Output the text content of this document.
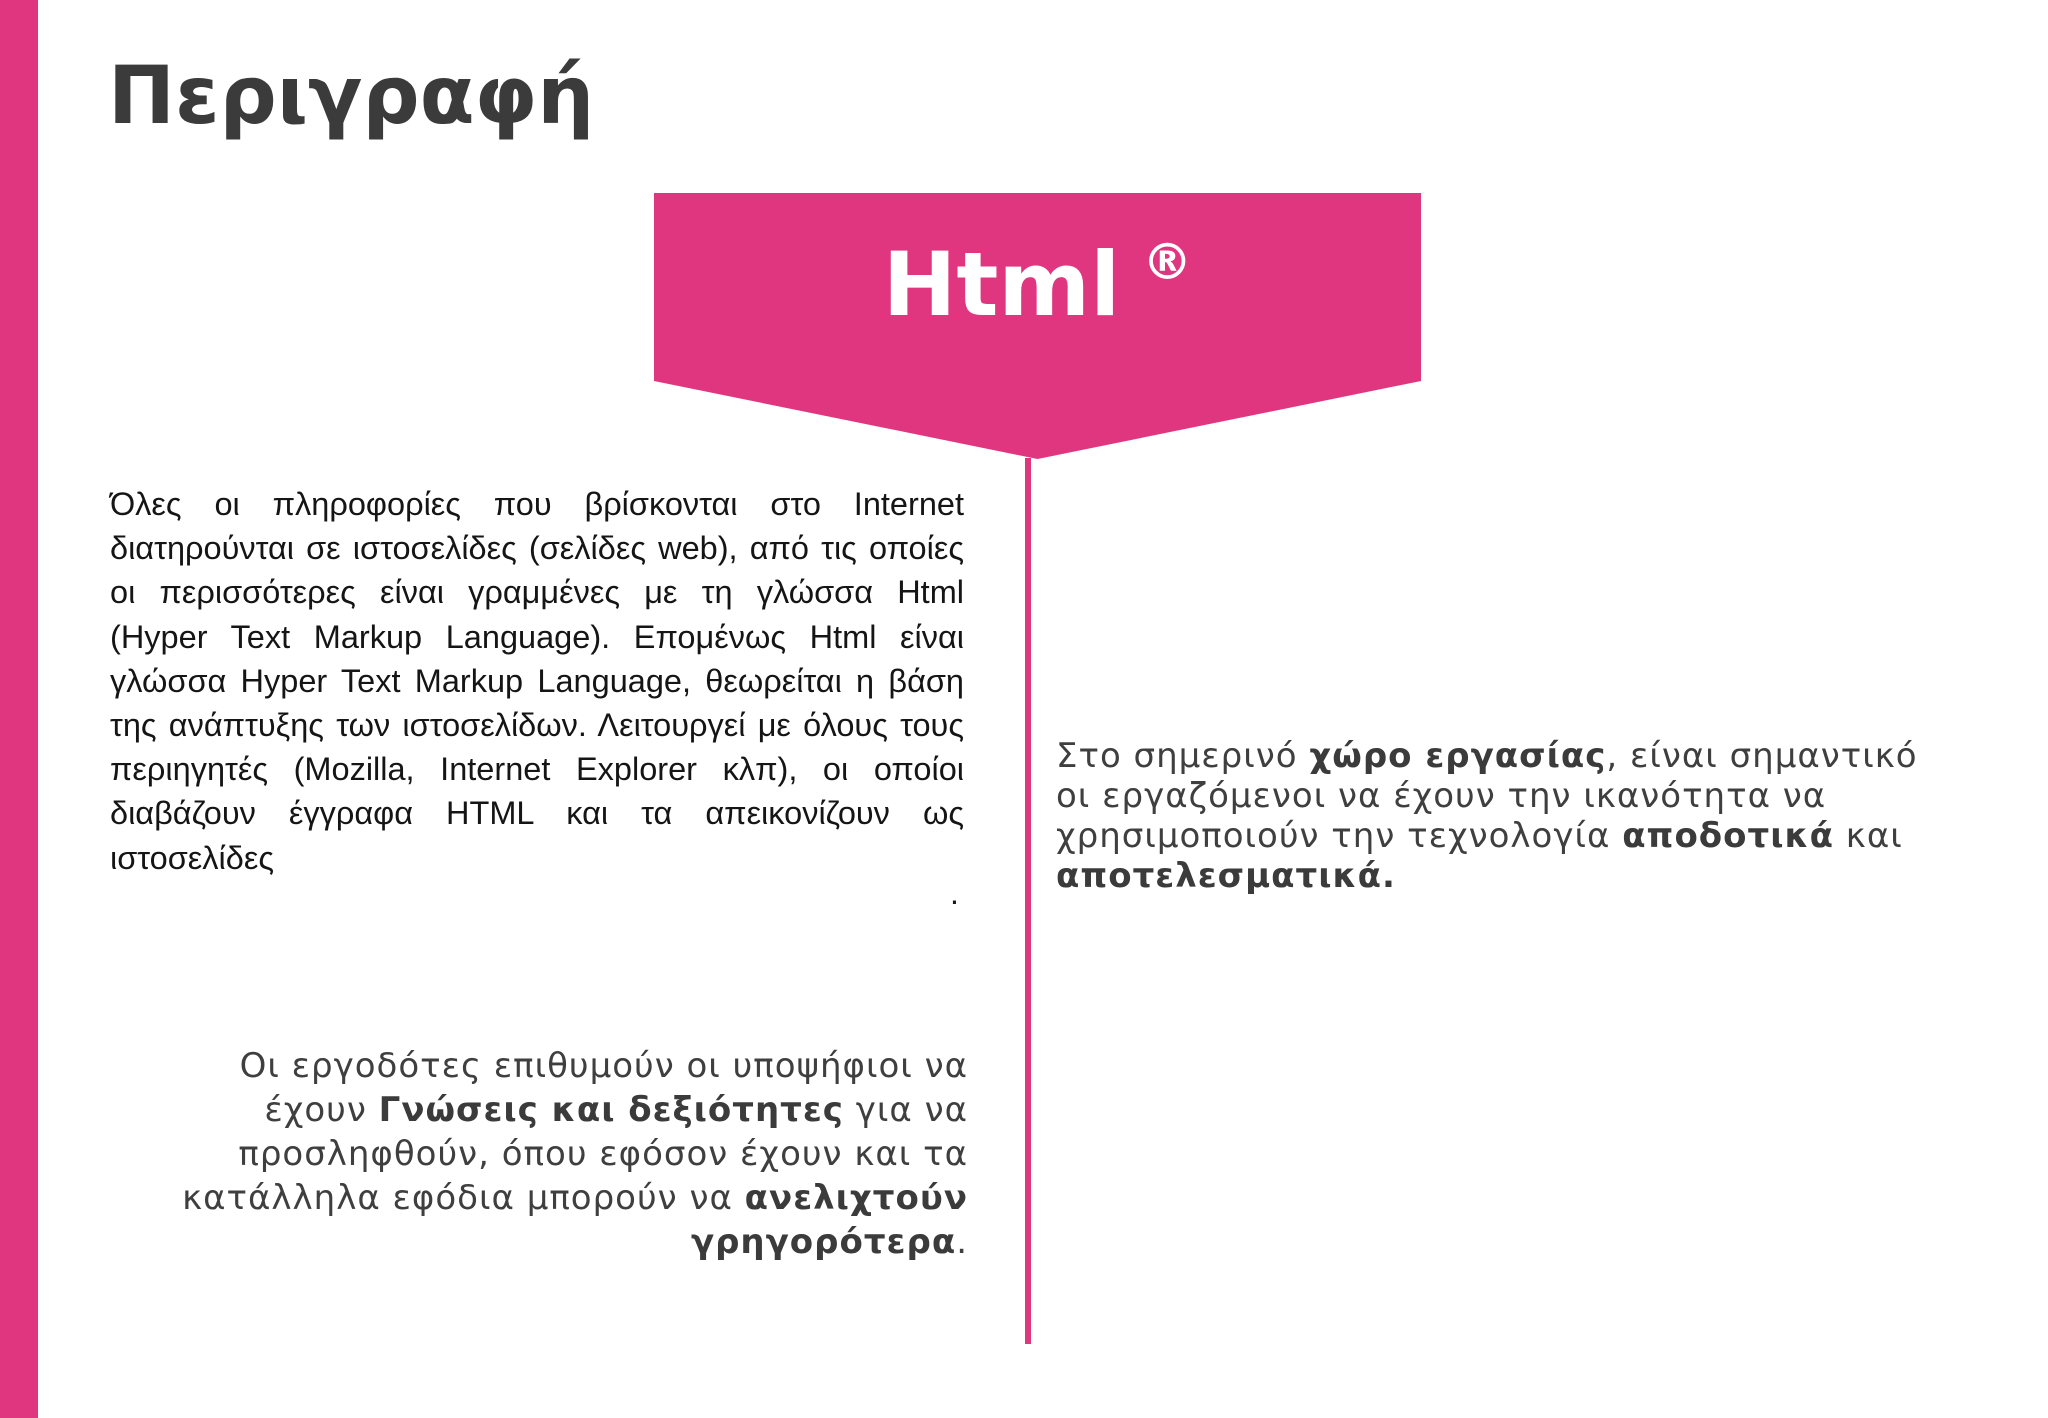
Περιγραφή
Html ®

Όλες οι πληροφορίες που βρίσκονται στο Internet διατηρούνται σε ιστοσελίδες (σελίδες web), από τις οποίες οι περισσότερες είναι γραμμένες με τη γλώσσα Html (Hyper Text Markup Language). Επομένως Html είναι γλώσσα Hyper Text Markup Language, θεωρείται η βάση της ανάπτυξης των ιστοσελίδων. Λειτουργεί με όλους τους περιηγητές (Mozilla, Internet Explorer κλπ), οι οποίοι διαβάζουν έγγραφα HTML και τα απεικονίζουν ως ιστοσελίδες

.

Στο σημερινό χώρο εργασίας, είναι σημαντικό οι εργαζόμενοι να έχουν την ικανότητα να χρησιμοποιούν την τεχνολογία αποδοτικά και αποτελεσματικά.

Οι εργοδότες επιθυμούν οι υποψήφιοι να έχουν Γνώσεις και δεξιότητες για να προσληφθούν, όπου εφόσον έχουν και τα κατάλληλα εφόδια μπορούν να ανελιχτούν γρηγορότερα.
